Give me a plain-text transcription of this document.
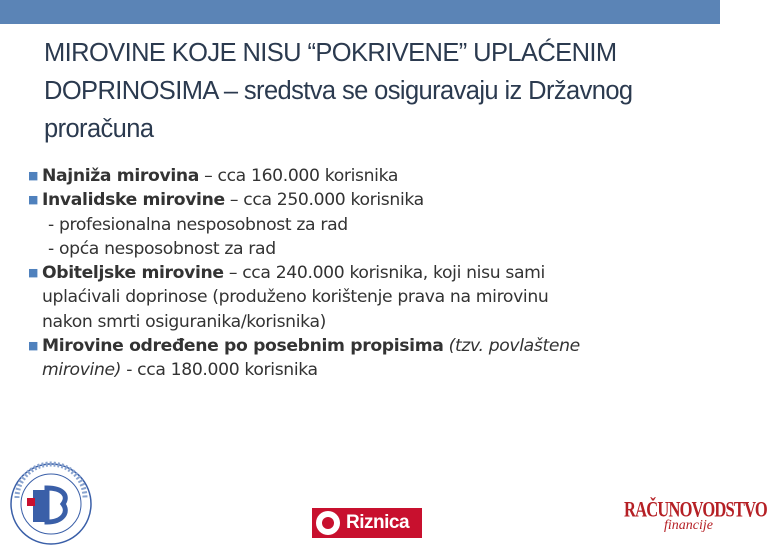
MIROVINE KOJE NISU “POKRIVENE” UPLAĆENIM
DOPRINOSIMA – sredstva se osiguravaju iz Državnog
proračuna
■ Najniža mirovina – cca 160.000 korisnika
■ Invalidske mirovine – cca 250.000 korisnika
- profesionalna nesposobnost za rad
- opća nesposobnost za rad
■ Obiteljske mirovine – cca 240.000 korisnika, koji nisu sami
uplaćivali doprinose (produženo korištenje prava na mirovinu
nakon smrti osiguranika/korisnika)
■ Mirovine određene po posebnim propisima (tzv. povlaštene
mirovine) - cca 180.000 korisnika
Riznica
RAČUNOVODSTVO
financije
